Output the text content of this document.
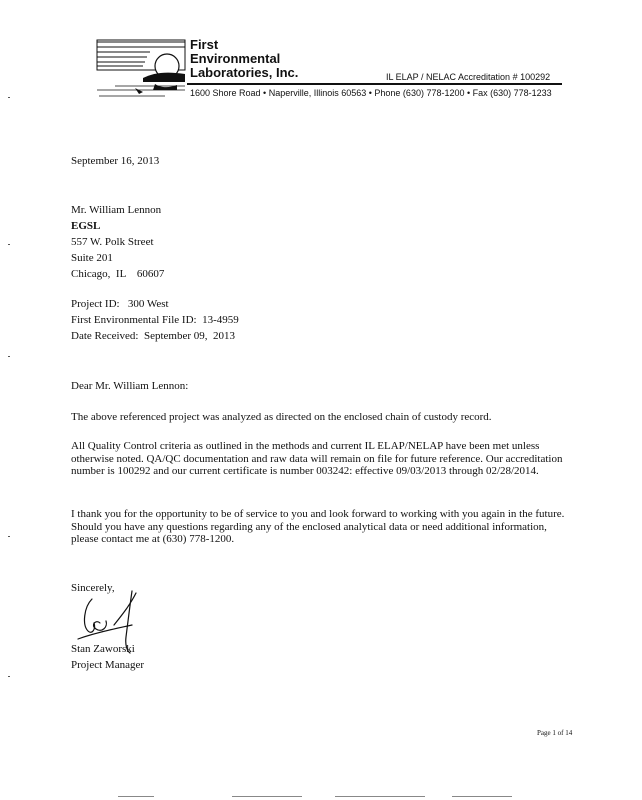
First
Environmental
Laboratories, Inc.	IL ELAP / NELAC Accreditation # 100292
1600 Shore Road • Naperville, Illinois 60563 • Phone (630) 778-1200 • Fax (630) 778-1233
September 16, 2013
Mr. William Lennon
EGSL
557 W. Polk Street
Suite 201
Chicago,  IL    60607
Project ID:   300 West
First Environmental File ID:  13-4959
Date Received:  September 09,  2013
Dear Mr. William Lennon:
The above referenced project was analyzed as directed on the enclosed chain of custody record.
All Quality Control criteria as outlined in the methods and current IL ELAP/NELAP have been met unless otherwise noted. QA/QC documentation and raw data will remain on file for future reference. Our accreditation number is 100292 and our current certificate is number 003242: effective 09/03/2013 through 02/28/2014.
I thank you for the opportunity to be of service to you and look forward to working with you again in the future. Should you have any questions regarding any of the enclosed analytical data or need additional information, please contact me at (630) 778-1200.
Sincerely,
Stan Zaworski
Project Manager
Page 1 of 14
